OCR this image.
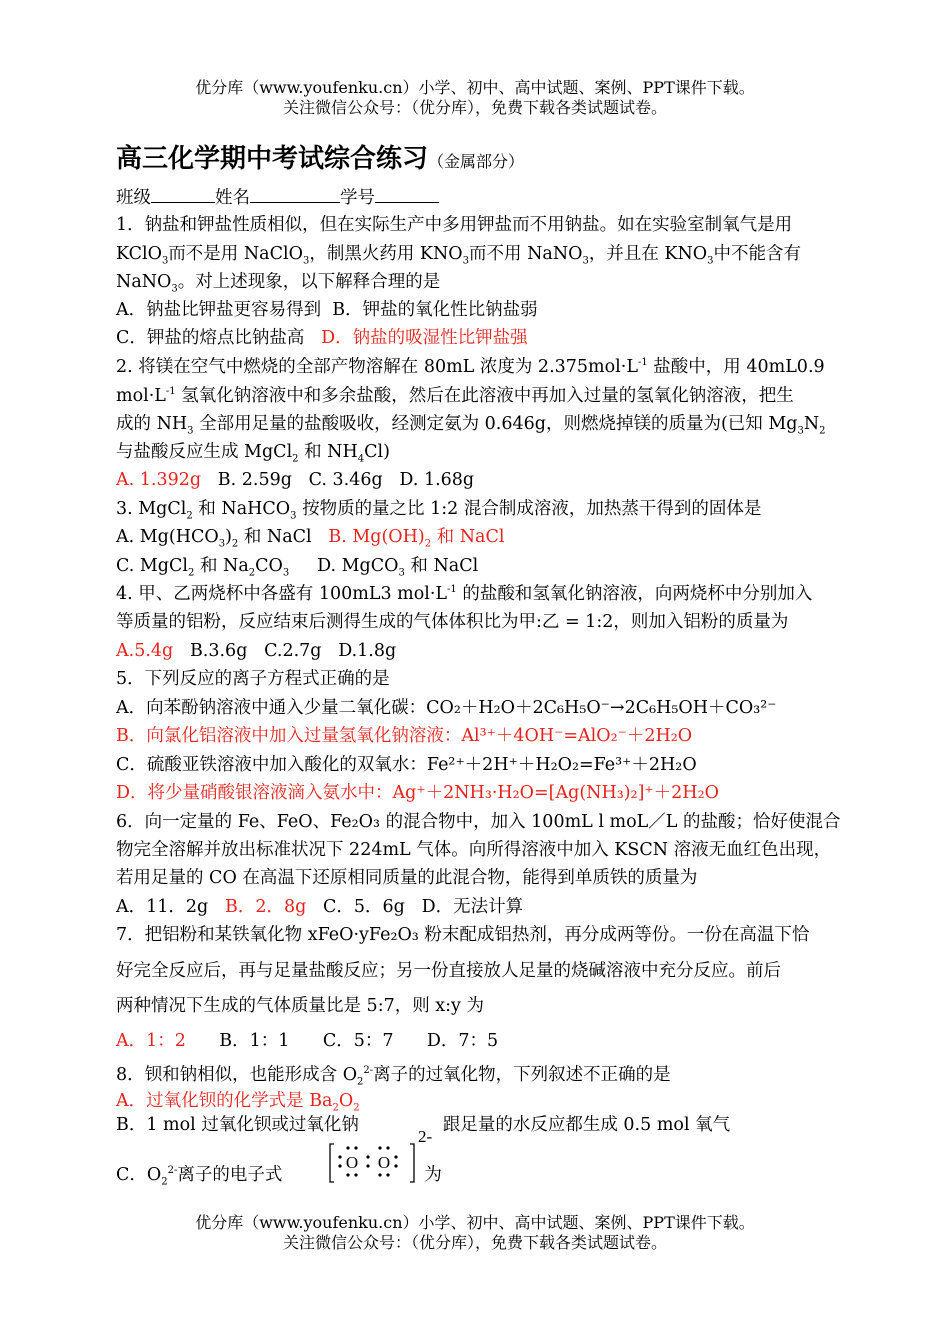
优分库（www.youfenku.cn）小学、初中、高中试题、案例、PPT课件下载。
关注微信公众号：（优分库），免费下载各类试题试卷。
高三化学期中考试综合练习（金属部分）
班级	姓名	学号
1．钠盐和钾盐性质相似，但在实际生产中多用钾盐而不用钠盐。如在实验室制氧气是用
KClO$_3$而不是用 NaClO$_3$，制黑火药用 $KNO_3$而不用 NaNO$_3$，并且在 $KNO_3$中不能含有
NaNO$_3$。对上述现象，以下解释合理的是
A．钠盐比钾盐更容易得到 B．钾盐的氧化性比钠盐弱
C．钾盐的熔点比钠盐高 D．钠盐的吸湿性比钾盐强
2. 将镁在空气中燃烧的全部产物溶解在 80mL 浓度为 $2.375mol\cdot L^{-1}$ 盐酸中，用 40mL0.9
$mol\cdot L^{-1}$ 氢氧化钠溶液中和多余盐酸，然后在此溶液中再加入过量的氢氧化钠溶液，把生
成的 $NH_3$ 全部用足量的盐酸吸收，经测定氨为 0.646g，则燃烧掉镁的质量为(已知 $Mg_3N_2$
与盐酸反应生成 MgCl$_2$ 和 $NH_4Cl$)
A. 1.392g B. 2.59g C. 3.46g D. 1.68g
3. MgCl$_2$ 和 NaHCO$_3$ 按物质的量之比 1:2 混合制成溶液，加热蒸干得到的固体是
A. $Mg(HCO_3)_2$ 和 NaCl B. $Mg(OH)_2$ 和 NaCl
C. MgCl$_2$ 和 $Na_2CO_3$ D. MgCO$_3$ 和 NaCl
4. 甲、乙两烧杯中各盛有 100mL3 $mol\cdot L^{-1}$ 的盐酸和氢氧化钠溶液，向两烧杯中分别加入
等质量的铝粉，反应结束后测得生成的气体体积比为甲:乙 = 1:2，则加入铝粉的质量为
A.5.4g B.3.6g C.2.7g D.1.8g
5．下列反应的离子方程式正确的是
A．向苯酚钠溶液中通入少量二氧化碳：CO₂＋H₂O＋2C₆H₅O⁻→2C₆H₅OH＋CO₃²⁻
B．向氯化铝溶液中加入过量氢氧化钠溶液：Al³⁺＋4OH⁻=AlO₂⁻＋2H₂O
C．硫酸亚铁溶液中加入酸化的双氧水：Fe²⁺＋2H⁺＋H₂O₂=Fe³⁺＋2H₂O
D．将少量硝酸银溶液滴入氨水中：Ag⁺＋2NH₃·H₂O=[Ag(NH₃)₂]⁺＋2H₂O
6．向一定量的 Fe、FeO、Fe₂O₃ 的混合物中，加入 100mL l moL／L 的盐酸；恰好使混合
物完全溶解并放出标准状况下 224mL 气体。向所得溶液中加入 KSCN 溶液无血红色出现，
若用足量的 CO 在高温下还原相同质量的此混合物，能得到单质铁的质量为
A．11．2g B．2．8g C．5．6g D．无法计算
7．把铝粉和某铁氧化物 xFeO·yFe₂O₃ 粉末配成铝热剂，再分成两等份。一份在高温下恰
好完全反应后，再与足量盐酸反应；另一份直接放人足量的烧碱溶液中充分反应。前后
两种情况下生成的气体质量比是 5:7，则 x:y 为
A．1：2 B．1：1 C．5：7 D．7：5
8．钡和钠相似，也能形成含 $O_2^{2-}$离子的过氧化物，下列叙述不正确的是
A．过氧化钡的化学式是 $Ba_2O_2$
B．1 mol 过氧化钡或过氧化钠	跟足量的水反应都生成 0.5 mol 氧气
C．$O_2^{2-}$离子的电子式	为
O O
2-
优分库（www.youfenku.cn）小学、初中、高中试题、案例、PPT课件下载。
关注微信公众号：（优分库），免费下载各类试题试卷。
